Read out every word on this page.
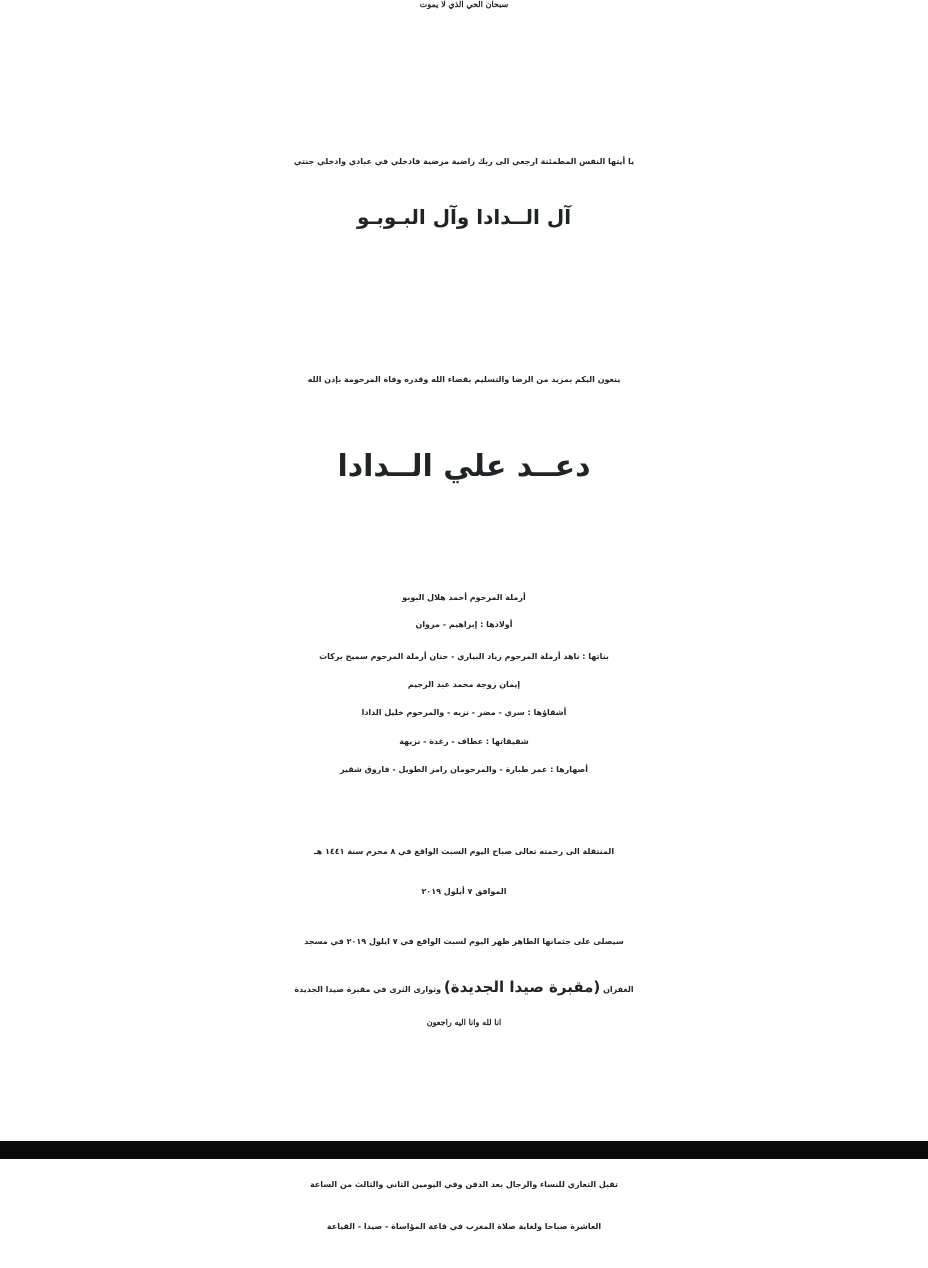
سبحان الحي الذي لا يموت
يا أيتها النفس المطمئنة ارجعي الى ربك راضية مرضية فادخلي في عبادي وادخلي جنتي
آل الــدادا وآل البـوبـو
ينعون اليكم بمزيد من الرضا والتسليم بقضاء الله وقدره وفاة المرحومة بإذن الله
دعــد علي الــدادا
أرملة المرحوم أحمد هلال البوبو
أولادها : إبراهيم - مروان
بناتها : ناهد أرملة المرحوم زياد البياري - حنان أرملة المرحوم سميح بركات
إيمان زوجة محمد عبد الرحيم
أشقاؤها : سري - مضر - نزيه - والمرحوم خليل الدادا
شقيقاتها : عطاف - رغدة - نزيهة
أصهارها : عمر طبارة - والمرحومان رامز الطويل - فاروق شقير
المنتقلة الى رحمته تعالى صباح اليوم السبت الواقع في ٨ محرم سنة ١٤٤١ هـ
الموافق ٧ أيلول ٢٠١٩
سيصلى على جثمانها الطاهر ظهر اليوم لسبت الواقع في ٧ ايلول ٢٠١٩ في مسجد
الغفران (مقبرة صيدا الجديدة) وتوارى الثرى في مقبرة صيدا الجديدة
انا لله وانا اليه راجعون
تقبل التعازي للنساء والرجال بعد الدفن وفي اليومين الثاني والثالث من الساعة
العاشرة صباحا ولغاية صلاة المغرب في قاعة المؤاساة - صيدا - القياعة
